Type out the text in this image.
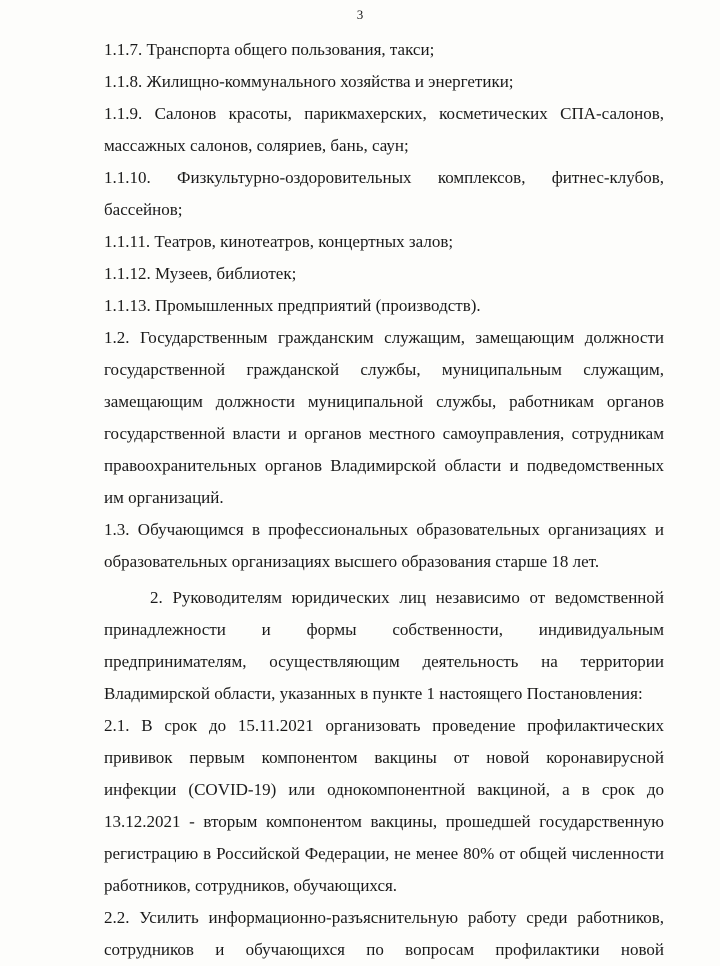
3

1.1.7. Транспорта общего пользования, такси;

1.1.8. Жилищно-коммунального хозяйства и энергетики;

1.1.9. Салонов красоты, парикмахерских, косметических СПА-салонов, массажных салонов, соляриев, бань, саун;

1.1.10. Физкультурно-оздоровительных комплексов, фитнес-клубов, бассейнов;

1.1.11. Театров, кинотеатров, концертных залов;

1.1.12. Музеев, библиотек;

1.1.13. Промышленных предприятий (производств).

1.2. Государственным гражданским служащим, замещающим должности государственной гражданской службы, муниципальным служащим, замещающим должности муниципальной службы, работникам органов государственной власти и органов местного самоуправления, сотрудникам правоохранительных органов Владимирской области и подведомственных им организаций.

1.3. Обучающимся в профессиональных образовательных организациях и образовательных организациях высшего образования старше 18 лет.

2. Руководителям юридических лиц независимо от ведомственной принадлежности и формы собственности, индивидуальным предпринимателям, осуществляющим деятельность на территории Владимирской области, указанных в пункте 1 настоящего Постановления:

2.1. В срок до 15.11.2021 организовать проведение профилактических прививок первым компонентом вакцины от новой коронавирусной инфекции (COVID-19) или однокомпонентной вакциной, а в срок до 13.12.2021 - вторым компонентом вакцины, прошедшей государственную регистрацию в Российской Федерации, не менее 80% от общей численности работников, сотрудников, обучающихся.

2.2. Усилить информационно-разъяснительную работу среди работников, сотрудников и обучающихся по вопросам профилактики новой
